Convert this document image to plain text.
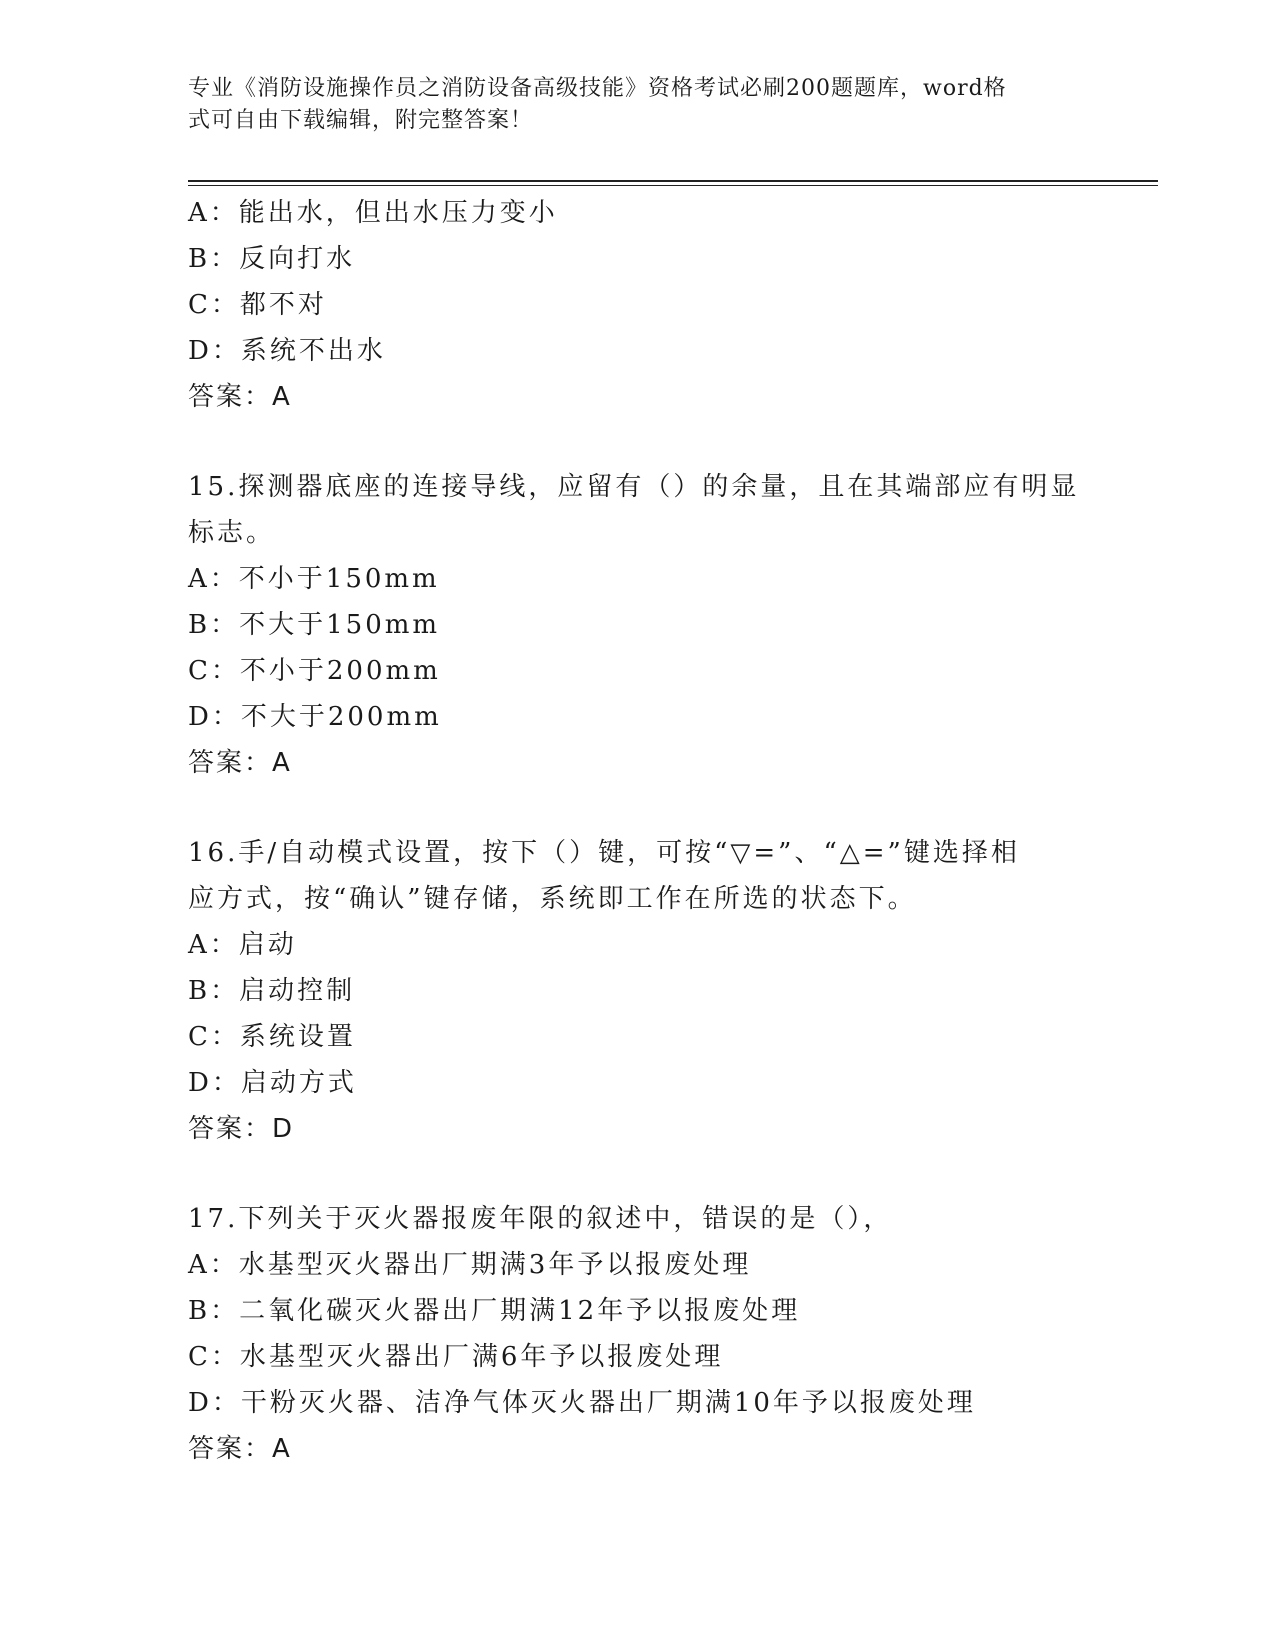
专业《消防设施操作员之消防设备高级技能》资格考试必刷200题题库，word格
式可自由下载编辑，附完整答案！
A：能出水，但出水压力变小
B：反向打水
C：都不对
D：系统不出水
答案：A
15.探测器底座的连接导线，应留有（）的余量，且在其端部应有明显
标志。
A：不小于150mm
B：不大于150mm
C：不小于200mm
D：不大于200mm
答案：A
16.手/自动模式设置，按下（）键，可按“▽=”、“△=”键选择相
应方式，按“确认”键存储，系统即工作在所选的状态下。
A：启动
B：启动控制
C：系统设置
D：启动方式
答案：D
17.下列关于灭火器报废年限的叙述中，错误的是（），
A：水基型灭火器出厂期满3年予以报废处理
B：二氧化碳灭火器出厂期满12年予以报废处理
C：水基型灭火器出厂满6年予以报废处理
D：干粉灭火器、洁净气体灭火器出厂期满10年予以报废处理
答案：A
